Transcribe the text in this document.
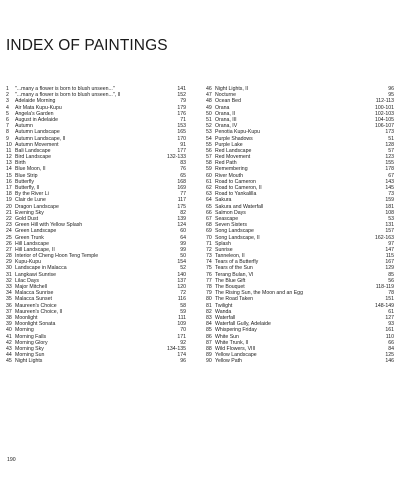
INDEX OF PAINTINGS
1 "...many a flower is born to blush unseen..."	141
2 "...many a flower is born to blush unseen...", II	152
3 Adelaide Morning	79
4 Air Mata Kupu-Kupu	179
5 Angela's Garden	176
6 August in Adelaide	71
7 Autumn	153
8 Autumn Landscape	165
9 Autumn Landscape, II	170
10 Autumn Movement	91
11 Bali Landscape	177
12 Bird Landscape	132-133
13 Birth	83
14 Blue Moon, II	76
15 Blue Strip	65
16 Butterfly	168
17 Butterfly, II	169
18 By the River Li	77
19 Clair de Lune	117
20 Dragon Landscape	175
21 Evening Sky	82
22 Gold Dust	139
23 Green Hill with Yellow Splash	124
24 Green Landscape	60
25 Green Trunk	64
26 Hill Landscape	99
27 Hill Landscape, II	99
28 Interior of Cheng Hoon Teng Temple	50
29 Kupu-Kupu	154
30 Landscape in Malacca	52
31 Langkawi Sunrise	140
32 Lilac Days	137
33 Major Mitchell	120
34 Malacca Sunrise	72
35 Malacca Sunset	116
36 Maureen's Choice	58
37 Maureen's Choice, II	59
38 Moonlight	111
39 Moonlight Sonata	109
40 Morning	70
41 Morning Falls	171
42 Morning Glory	92
43 Morning Sky	134-135
44 Morning Sun	174
45 Night Lights	96
46 Night Lights, II	96
47 Nocturne	95
48 Ocean Bed	112-113
49 Orana	100-101
50 Orana, II	102-103
51 Orana, III	104-105
52 Orana, IV	106-107
53 Penotia Kupu-Kupu	173
54 Purple Shadows	51
55 Purple Lake	128
56 Red Landscape	57
57 Red Movement	123
58 Red Path	155
59 Remembering	178
60 River Mouth	67
61 Road to Cameron	143
62 Road to Cameron, II	145
63 Road to Yankalilla	73
64 Sakura	159
65 Sakura and Waterfall	181
66 Salmon Days	108
67 Seascape	53
68 Seven Sisters	131
69 Song Landscape	157
70 Song Landscape, II	162-163
71 Splash	97
72 Sunrise	147
73 Tanneleon, II	115
74 Tears of a Butterfly	167
75 Tears of the Sun	129
76 Terang Bulan, VI	85
77 The Blue Gift	56
78 The Bouquet	118-119
79 The Rising Sun, the Moon and an Egg	78
80 The Road Taken	151
81 Twilight	148-149
82 Wanda	61
83 Waterfall	127
84 Waterfall Gully, Adelaide	93
85 Whispering Friday	161
86 White Sun	110
87 White Trunk, II	66
88 Wild Flowers, VIII	84
89 Yellow Landscape	125
90 Yellow Path	146
190
